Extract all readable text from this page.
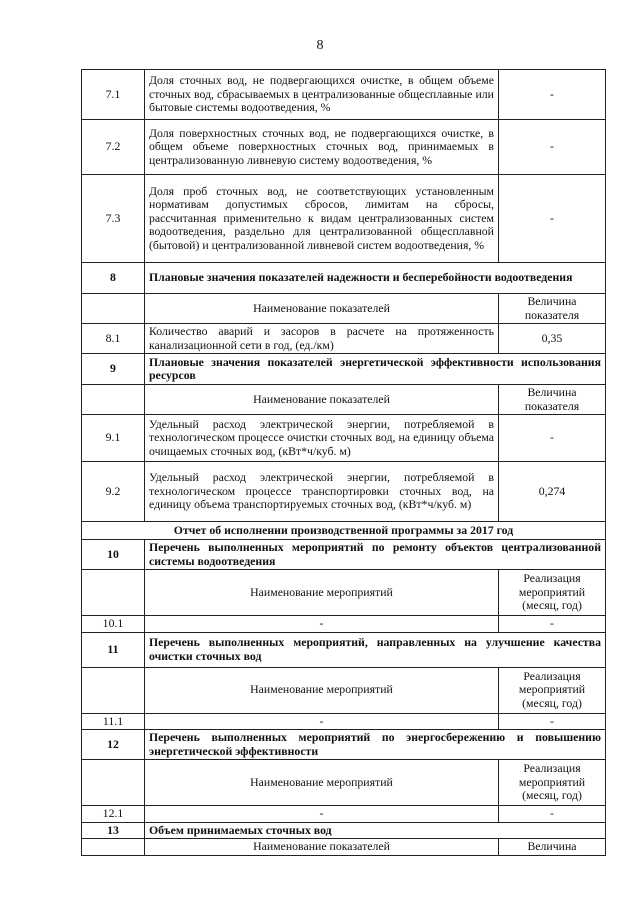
8
7.1	Доля сточных вод, не подвергающихся очистке, в общем объеме сточных вод, сбрасываемых в централизованные общесплавные или бытовые системы водоотведения, %	-
7.2	Доля поверхностных сточных вод, не подвергающихся очистке, в общем объеме поверхностных сточных вод, принимаемых в централизованную ливневую систему водоотведения, %	-
7.3	Доля проб сточных вод, не соответствующих установленным нормативам допустимых сбросов, лимитам на сбросы, рассчитанная применительно к видам централизованных систем водоотведения, раздельно для централизованной общесплавной (бытовой) и централизованной ливневой систем водоотведения, %	-
8	Плановые значения показателей надежности и бесперебойности водоотведения	
	Наименование показателей	Величина показателя
8.1	Количество аварий и засоров в расчете на протяженность канализационной сети в год, (ед./км)	0,35
9	Плановые значения показателей энергетической эффективности использования ресурсов	
	Наименование показателей	Величина показателя
9.1	Удельный расход электрической энергии, потребляемой в технологическом процессе очистки сточных вод, на единицу объема очищаемых сточных вод, (кВт*ч/куб. м)	-
9.2	Удельный расход электрической энергии, потребляемой в технологическом процессе транспортировки сточных вод, на единицу объема транспортируемых сточных вод, (кВт*ч/куб. м)	0,274
Отчет об исполнении производственной программы за 2017 год		
10	Перечень выполненных мероприятий по ремонту объектов централизованной системы водоотведения	
	Наименование мероприятий	Реализация мероприятий (месяц, год)
10.1	-	-
11	Перечень выполненных мероприятий, направленных на улучшение качества очистки сточных вод	
	Наименование мероприятий	Реализация мероприятий (месяц, год)
11.1	-	-
12	Перечень выполненных мероприятий по энергосбережению и повышению энергетической эффективности	
	Наименование мероприятий	Реализация мероприятий (месяц, год)
12.1	-	-
13	Объем принимаемых сточных вод	
	Наименование показателей	Величина
